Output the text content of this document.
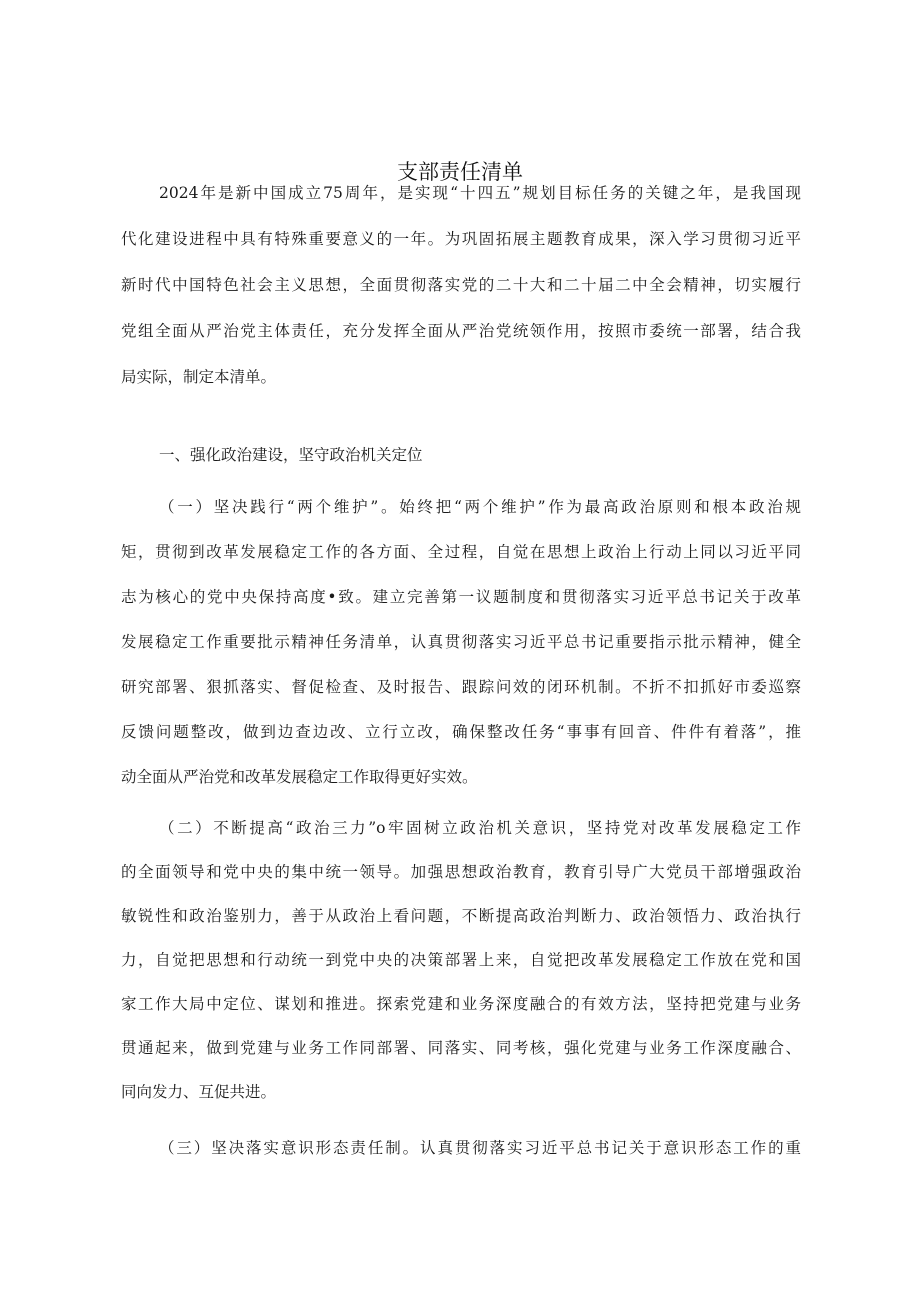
支部责任清单
2024年是新中国成立75周年，是实现“十四五”规划目标任务的关键之年，是我国现
代化建设进程中具有特殊重要意义的一年。为巩固拓展主题教育成果，深入学习贯彻习近平
新时代中国特色社会主义思想，全面贯彻落实党的二十大和二十届二中全会精神，切实履行
党组全面从严治党主体责任，充分发挥全面从严治党统领作用，按照市委统一部署，结合我
局实际，制定本清单。
一、强化政治建设，坚守政治机关定位
（一）坚决践行“两个维护”。始终把“两个维护”作为最高政治原则和根本政治规
矩，贯彻到改革发展稳定工作的各方面、全过程，自觉在思想上政治上行动上同以习近平同
志为核心的党中央保持高度•致。建立完善第一议题制度和贯彻落实习近平总书记关于改革
发展稳定工作重要批示精神任务清单，认真贯彻落实习近平总书记重要指示批示精神，健全
研究部署、狠抓落实、督促检查、及时报告、跟踪问效的闭环机制。不折不扣抓好市委巡察
反馈问题整改，做到边查边改、立行立改，确保整改任务“事事有回音、件件有着落”，推
动全面从严治党和改革发展稳定工作取得更好实效。
（二）不断提高“政治三力”o牢固树立政治机关意识，坚持党对改革发展稳定工作
的全面领导和党中央的集中统一领导。加强思想政治教育，教育引导广大党员干部增强政治
敏锐性和政治鉴别力，善于从政治上看问题，不断提高政治判断力、政治领悟力、政治执行
力，自觉把思想和行动统一到党中央的决策部署上来，自觉把改革发展稳定工作放在党和国
家工作大局中定位、谋划和推进。探索党建和业务深度融合的有效方法，坚持把党建与业务
贯通起来，做到党建与业务工作同部署、同落实、同考核，强化党建与业务工作深度融合、
同向发力、互促共进。
（三）坚决落实意识形态责任制。认真贯彻落实习近平总书记关于意识形态工作的重
